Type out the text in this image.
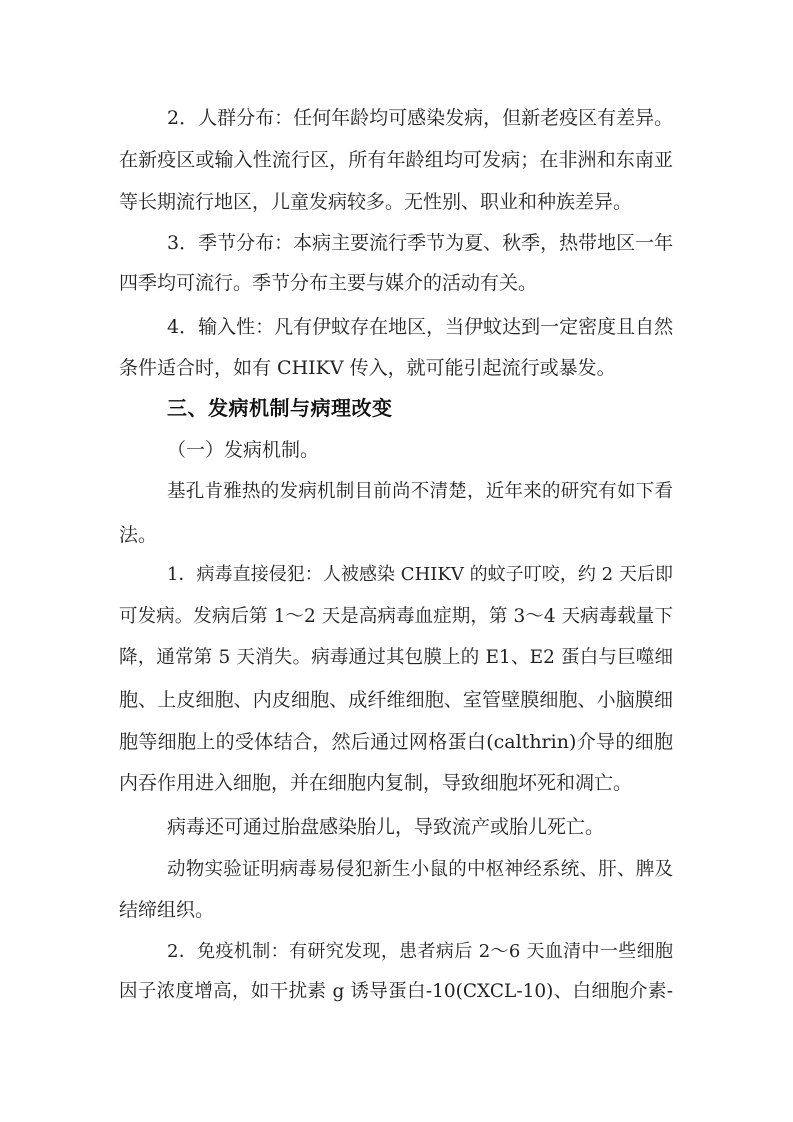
2．人群分布：任何年龄均可感染发病，但新老疫区有差异。
在新疫区或输入性流行区，所有年龄组均可发病；在非洲和东南亚
等长期流行地区，儿童发病较多。无性别、职业和种族差异。
3．季节分布：本病主要流行季节为夏、秋季，热带地区一年
四季均可流行。季节分布主要与媒介的活动有关。
4．输入性：凡有伊蚊存在地区，当伊蚊达到一定密度且自然
条件适合时，如有 CHIKV 传入，就可能引起流行或暴发。
三、发病机制与病理改变
（一）发病机制。
基孔肯雅热的发病机制目前尚不清楚，近年来的研究有如下看
法。
1．病毒直接侵犯：人被感染 CHIKV 的蚊子叮咬，约 2 天后即
可发病。发病后第 1～2 天是高病毒血症期，第 3～4 天病毒载量下
降，通常第 5 天消失。病毒通过其包膜上的 E1、E2 蛋白与巨噬细
胞、上皮细胞、内皮细胞、成纤维细胞、室管壁膜细胞、小脑膜细
胞等细胞上的受体结合，然后通过网格蛋白(calthrin)介导的细胞
内吞作用进入细胞，并在细胞内复制，导致细胞坏死和凋亡。
病毒还可通过胎盘感染胎儿，导致流产或胎儿死亡。
动物实验证明病毒易侵犯新生小鼠的中枢神经系统、肝、脾及
结缔组织。
2．免疫机制：有研究发现，患者病后 2～6 天血清中一些细胞
因子浓度增高，如干扰素 g 诱导蛋白-10(CXCL-10)、白细胞介素-
